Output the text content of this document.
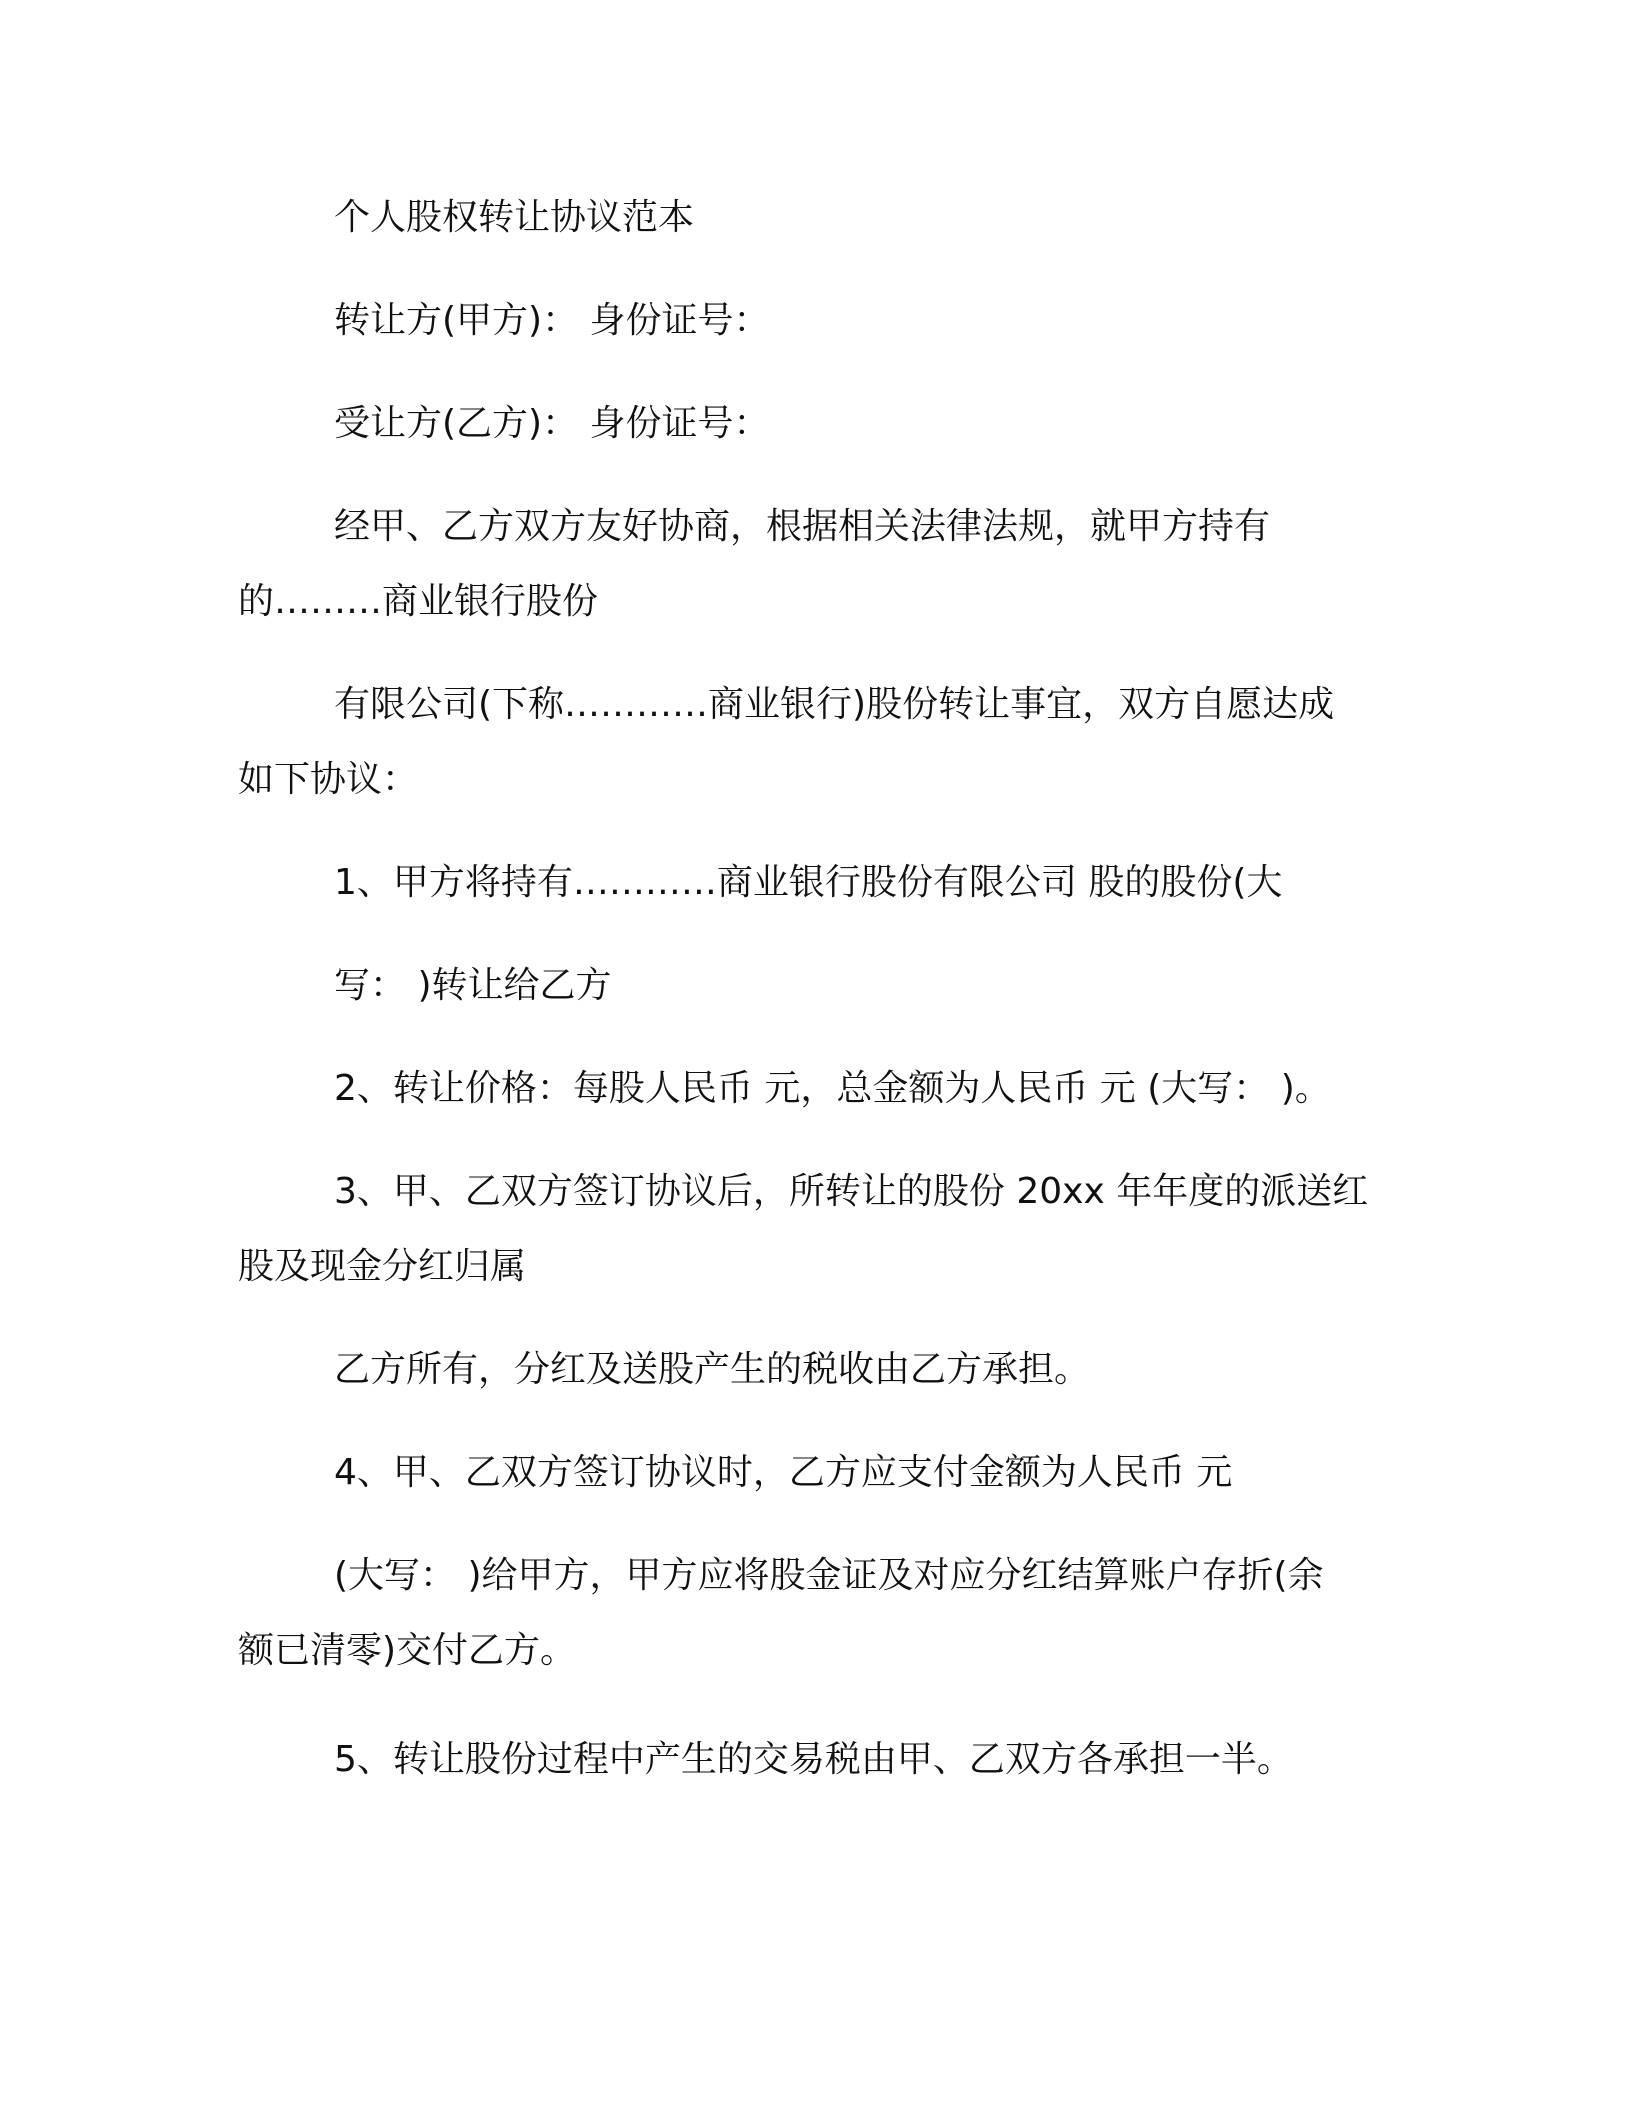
个人股权转让协议范本

转让方(甲方)： 身份证号：

受让方(乙方)： 身份证号：

经甲、乙方双方友好协商，根据相关法律法规，就甲方持有

的………商业银行股份

有限公司(下称…………商业银行)股份转让事宜，双方自愿达成

如下协议：

1、甲方将持有…………商业银行股份有限公司 股的股份(大

写： )转让给乙方

2、转让价格：每股人民币 元，总金额为人民币 元 (大写： )。

3、甲、乙双方签订协议后，所转让的股份 20xx 年年度的派送红

股及现金分红归属

乙方所有，分红及送股产生的税收由乙方承担。

4、甲、乙双方签订协议时，乙方应支付金额为人民币 元

(大写： )给甲方，甲方应将股金证及对应分红结算账户存折(余

额已清零)交付乙方。

5、转让股份过程中产生的交易税由甲、乙双方各承担一半。
